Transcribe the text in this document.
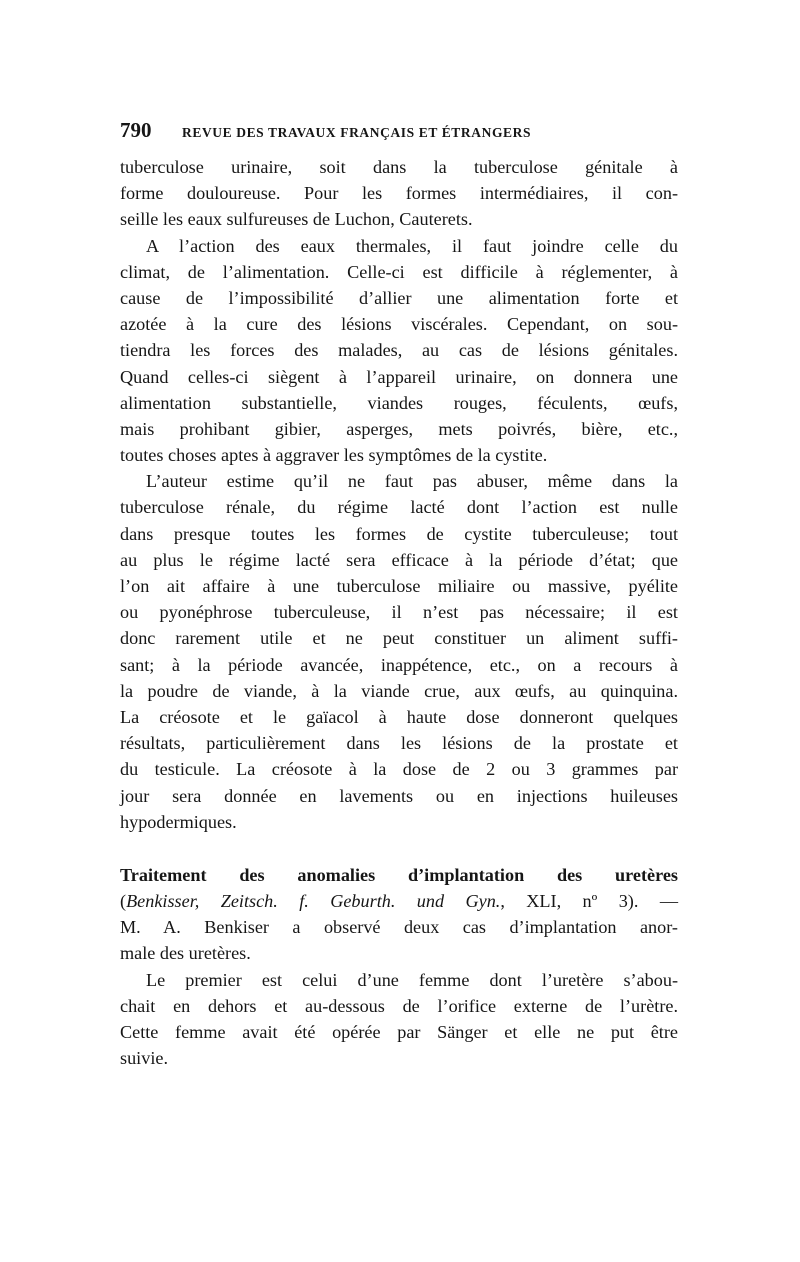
790	REVUE DES TRAVAUX FRANÇAIS ET ÉTRANGERS
tuberculose urinaire, soit dans la tuberculose génitale à
forme douloureuse. Pour les formes intermédiaires, il con-
seille les eaux sulfureuses de Luchon, Cauterets.
A l’action des eaux thermales, il faut joindre celle du
climat, de l’alimentation. Celle-ci est difficile à réglementer, à
cause de l’impossibilité d’allier une alimentation forte et
azotée à la cure des lésions viscérales. Cependant, on sou-
tiendra les forces des malades, au cas de lésions génitales.
Quand celles-ci siègent à l’appareil urinaire, on donnera une
alimentation substantielle, viandes rouges, féculents, œufs,
mais prohibant gibier, asperges, mets poivrés, bière, etc.,
toutes choses aptes à aggraver les symptômes de la cystite.
L’auteur estime qu’il ne faut pas abuser, même dans la
tuberculose rénale, du régime lacté dont l’action est nulle
dans presque toutes les formes de cystite tuberculeuse; tout
au plus le régime lacté sera efficace à la période d’état; que
l’on ait affaire à une tuberculose miliaire ou massive, pyélite
ou pyonéphrose tuberculeuse, il n’est pas nécessaire; il est
donc rarement utile et ne peut constituer un aliment suffi-
sant; à la période avancée, inappétence, etc., on a recours à
la poudre de viande, à la viande crue, aux œufs, au quinquina.
La créosote et le gaïacol à haute dose donneront quelques
résultats, particulièrement dans les lésions de la prostate et
du testicule. La créosote à la dose de 2 ou 3 grammes par
jour sera donnée en lavements ou en injections huileuses
hypodermiques.
Traitement des anomalies d’implantation des uretères
(Benkisser, Zeitsch. f. Geburth. und Gyn., XLI, nº 3). —
M. A. Benkiser a observé deux cas d’implantation anor-
male des uretères.
Le premier est celui d’une femme dont l’uretère s’abou-
chait en dehors et au-dessous de l’orifice externe de l’urètre.
Cette femme avait été opérée par Sänger et elle ne put être
suivie.
